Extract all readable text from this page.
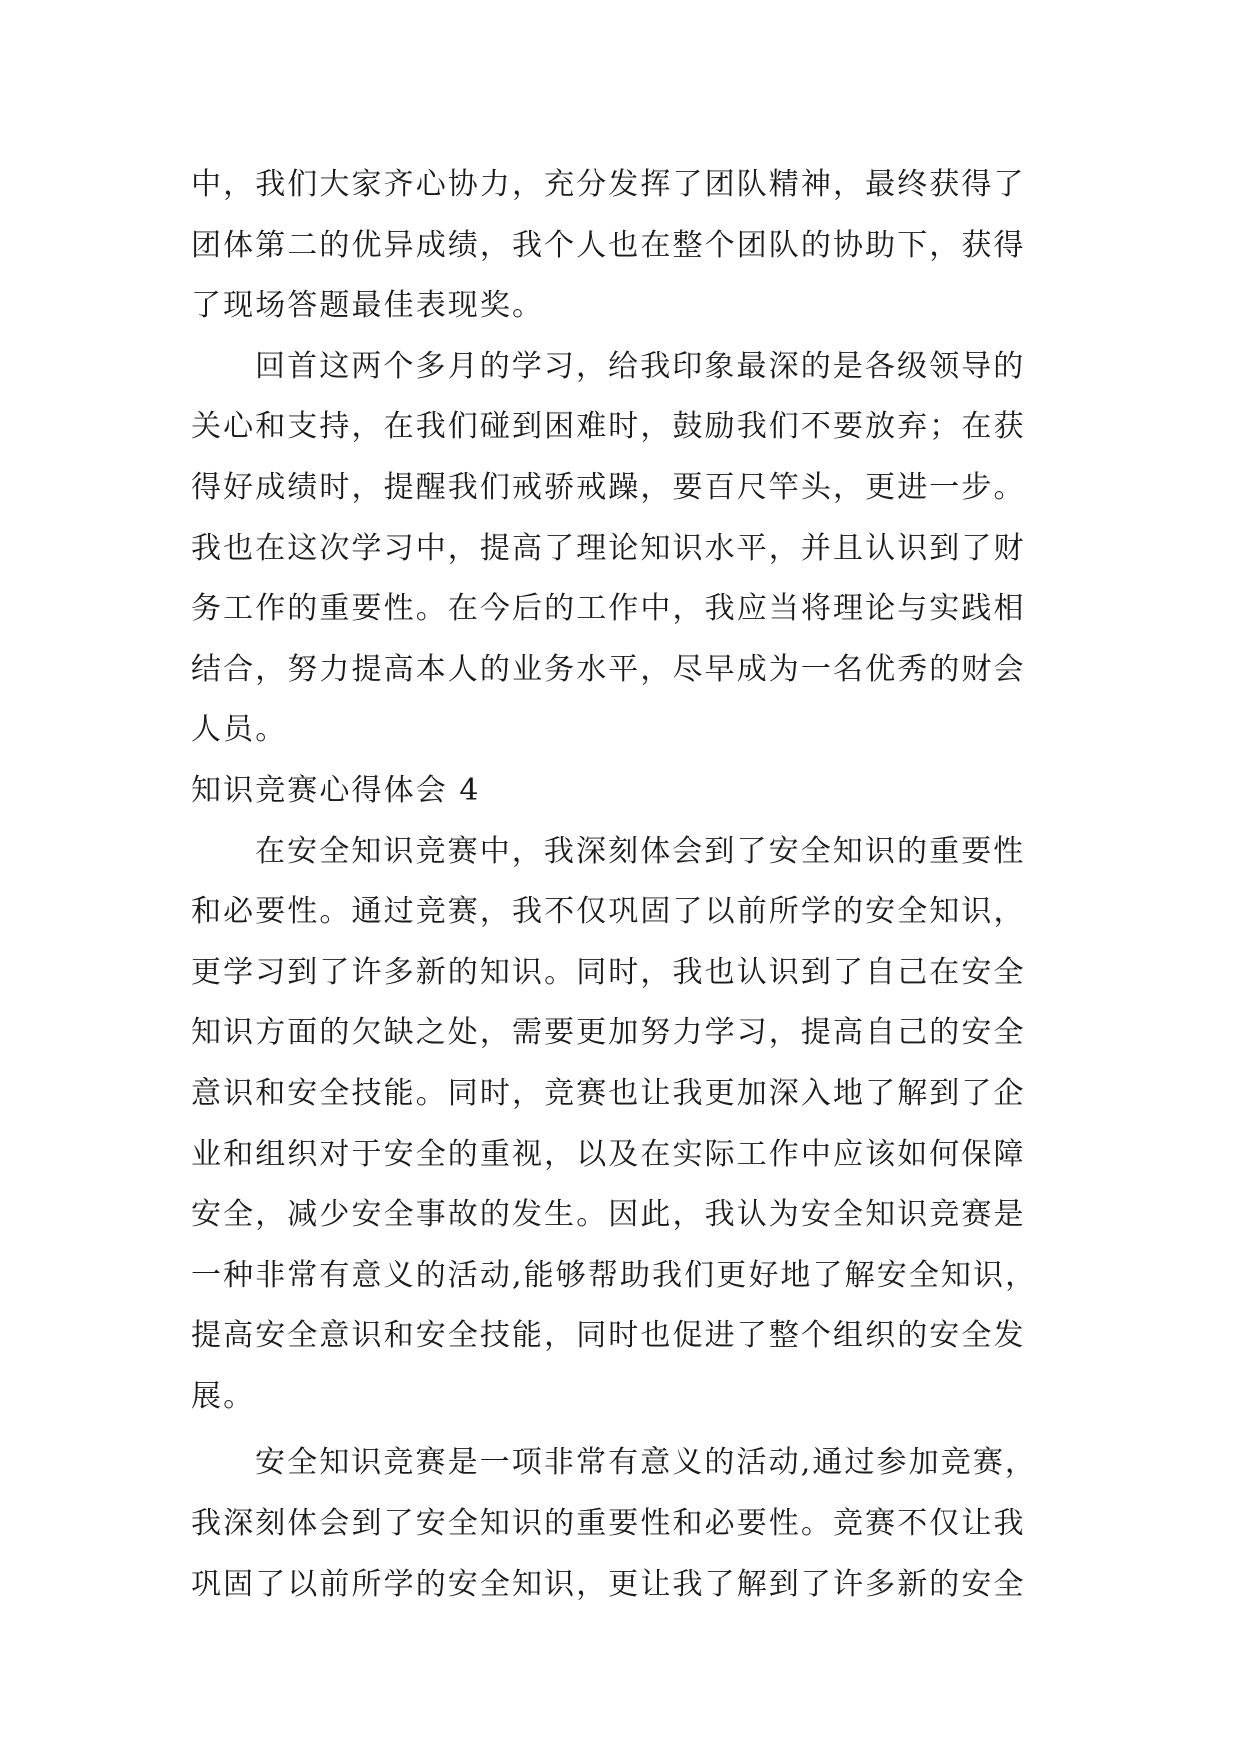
中，我们大家齐心协力，充分发挥了团队精神，最终获得了
团体第二的优异成绩，我个人也在整个团队的协助下，获得
了现场答题最佳表现奖。
回首这两个多月的学习，给我印象最深的是各级领导的
关心和支持，在我们碰到困难时，鼓励我们不要放弃；在获
得好成绩时，提醒我们戒骄戒躁，要百尺竿头，更进一步。
我也在这次学习中，提高了理论知识水平，并且认识到了财
务工作的重要性。在今后的工作中，我应当将理论与实践相
结合，努力提高本人的业务水平，尽早成为一名优秀的财会
人员。
知识竞赛心得体会 4
在安全知识竞赛中，我深刻体会到了安全知识的重要性
和必要性。通过竞赛，我不仅巩固了以前所学的安全知识，
更学习到了许多新的知识。同时，我也认识到了自己在安全
知识方面的欠缺之处，需要更加努力学习，提高自己的安全
意识和安全技能。同时，竞赛也让我更加深入地了解到了企
业和组织对于安全的重视，以及在实际工作中应该如何保障
安全，减少安全事故的发生。因此，我认为安全知识竞赛是
一种非常有意义的活动,能够帮助我们更好地了解安全知识，
提高安全意识和安全技能，同时也促进了整个组织的安全发
展。
安全知识竞赛是一项非常有意义的活动,通过参加竞赛，
我深刻体会到了安全知识的重要性和必要性。竞赛不仅让我
巩固了以前所学的安全知识，更让我了解到了许多新的安全
